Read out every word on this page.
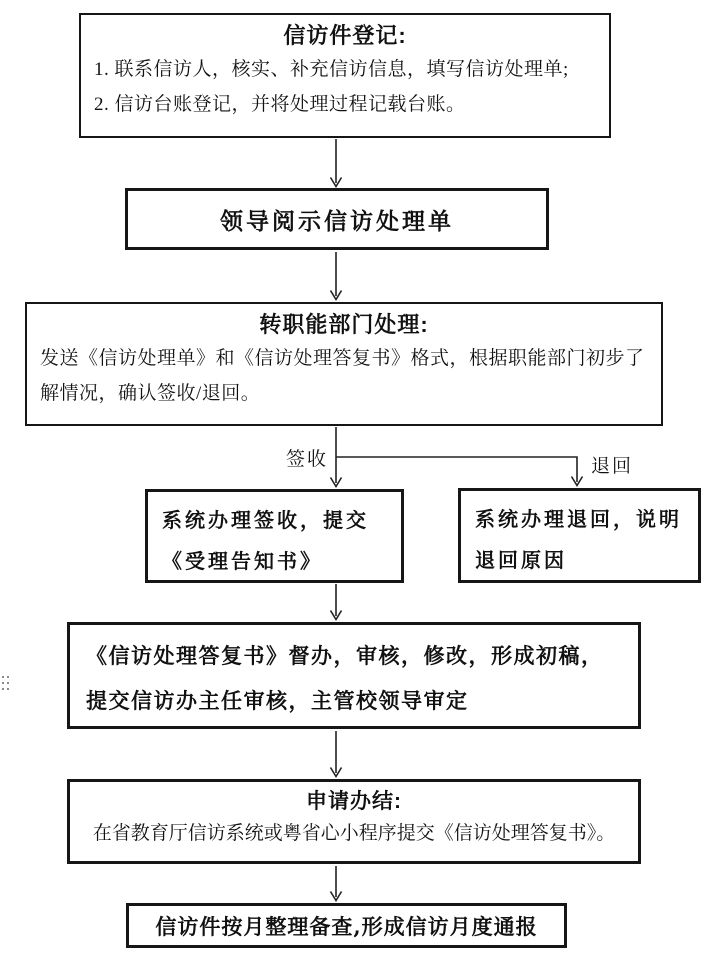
信访件登记:
1. 联系信访人，核实、补充信访信息，填写信访处理单;
2. 信访台账登记，并将处理过程记载台账。
领导阅示信访处理单
转职能部门处理:
发送《信访处理单》和《信访处理答复书》格式，根据职能部门初步了解情况，确认签收/退回。
签收	退回
系统办理签收，提交《受理告知书》
系统办理退回，说明退回原因
《信访处理答复书》督办，审核，修改，形成初稿，提交信访办主任审核，主管校领导审定
申请办结:
在省教育厅信访系统或粤省心小程序提交《信访处理答复书》。
信访件按月整理备查,形成信访月度通报
